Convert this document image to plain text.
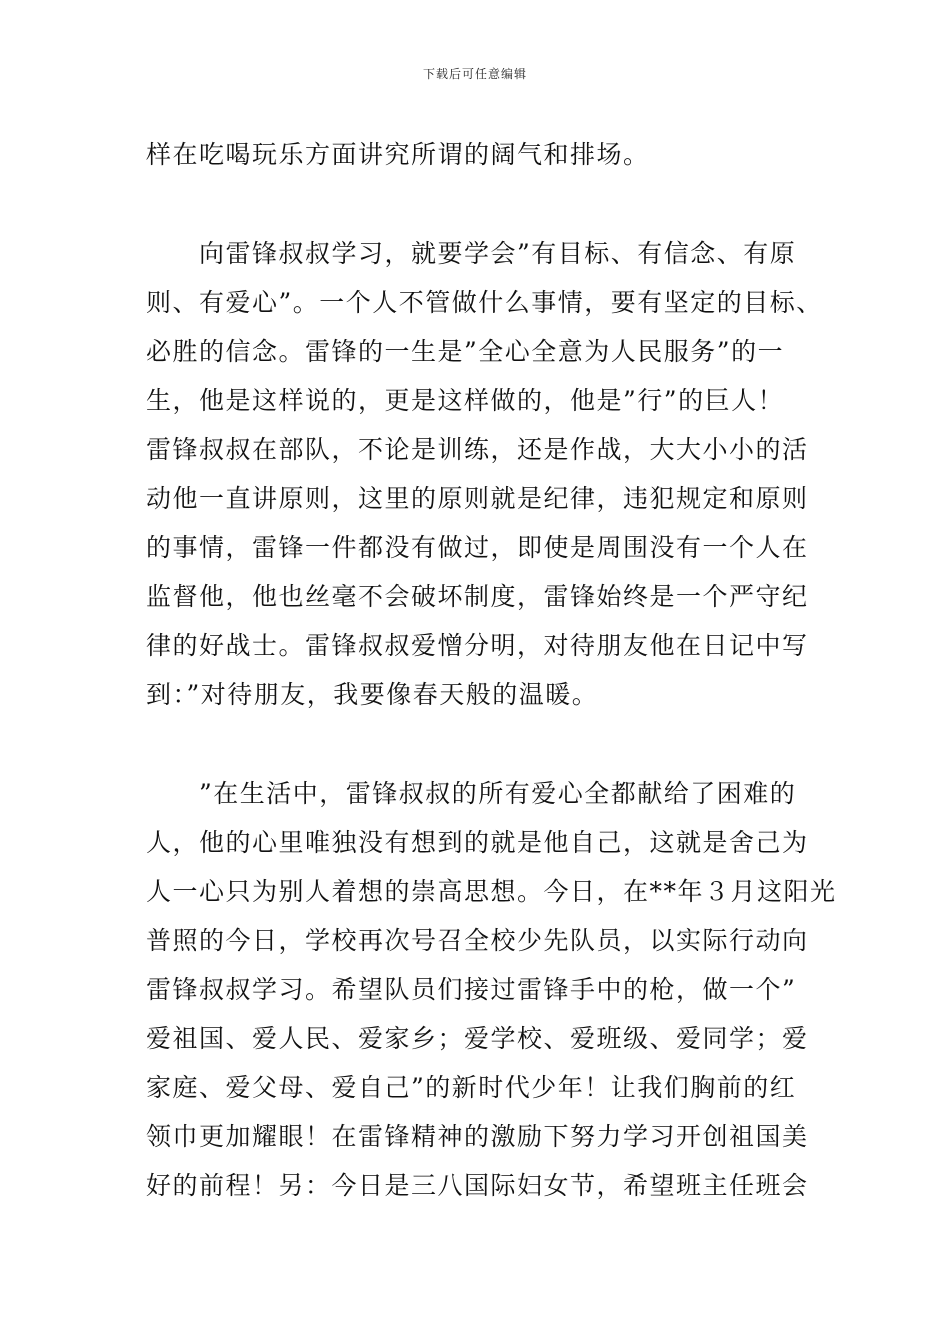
下载后可任意编辑
样在吃喝玩乐方面讲究所谓的阔气和排场。
　　向雷锋叔叔学习，就要学会”有目标、有信念、有原
则、有爱心”。一个人不管做什么事情，要有坚定的目标、
必胜的信念。雷锋的一生是”全心全意为人民服务”的一
生，他是这样说的，更是这样做的，他是”行”的巨人！
雷锋叔叔在部队，不论是训练，还是作战，大大小小的活
动他一直讲原则，这里的原则就是纪律，违犯规定和原则
的事情，雷锋一件都没有做过，即使是周围没有一个人在
监督他，他也丝毫不会破坏制度，雷锋始终是一个严守纪
律的好战士。雷锋叔叔爱憎分明，对待朋友他在日记中写
到：”对待朋友，我要像春天般的温暖。
　　”在生活中，雷锋叔叔的所有爱心全都献给了困难的
人，他的心里唯独没有想到的就是他自己，这就是舍己为
人一心只为别人着想的崇高思想。今日，在**年３月这阳光
普照的今日，学校再次号召全校少先队员，以实际行动向
雷锋叔叔学习。希望队员们接过雷锋手中的枪，做一个”
爱祖国、爱人民、爱家乡；爱学校、爱班级、爱同学；爱
家庭、爱父母、爱自己”的新时代少年！让我们胸前的红
领巾更加耀眼！在雷锋精神的激励下努力学习开创祖国美
好的前程！另：今日是三八国际妇女节，希望班主任班会
